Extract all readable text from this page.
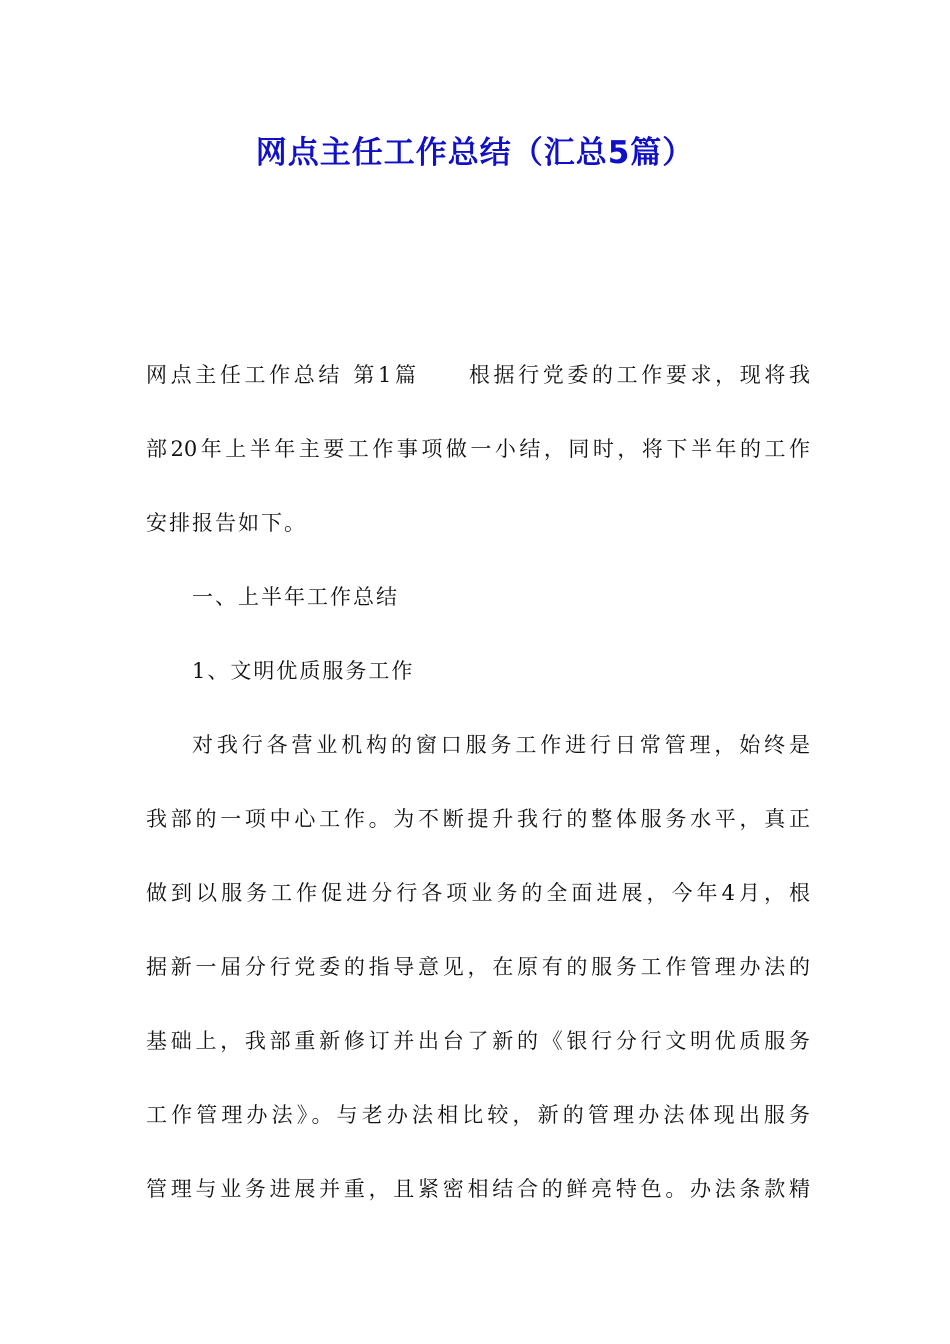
网点主任工作总结（汇总5篇）
网点主任工作总结 第1篇　　根据行党委的工作要求，现将我
部20年上半年主要工作事项做一小结，同时，将下半年的工作
安排报告如下。
一、上半年工作总结
1、文明优质服务工作
对我行各营业机构的窗口服务工作进行日常管理，始终是
我部的一项中心工作。为不断提升我行的整体服务水平，真正
做到以服务工作促进分行各项业务的全面进展，今年4月，根
据新一届分行党委的指导意见，在原有的服务工作管理办法的
基础上，我部重新修订并出台了新的《银行分行文明优质服务
工作管理办法》。与老办法相比较，新的管理办法体现出服务
管理与业务进展并重，且紧密相结合的鲜亮特色。办法条款精
